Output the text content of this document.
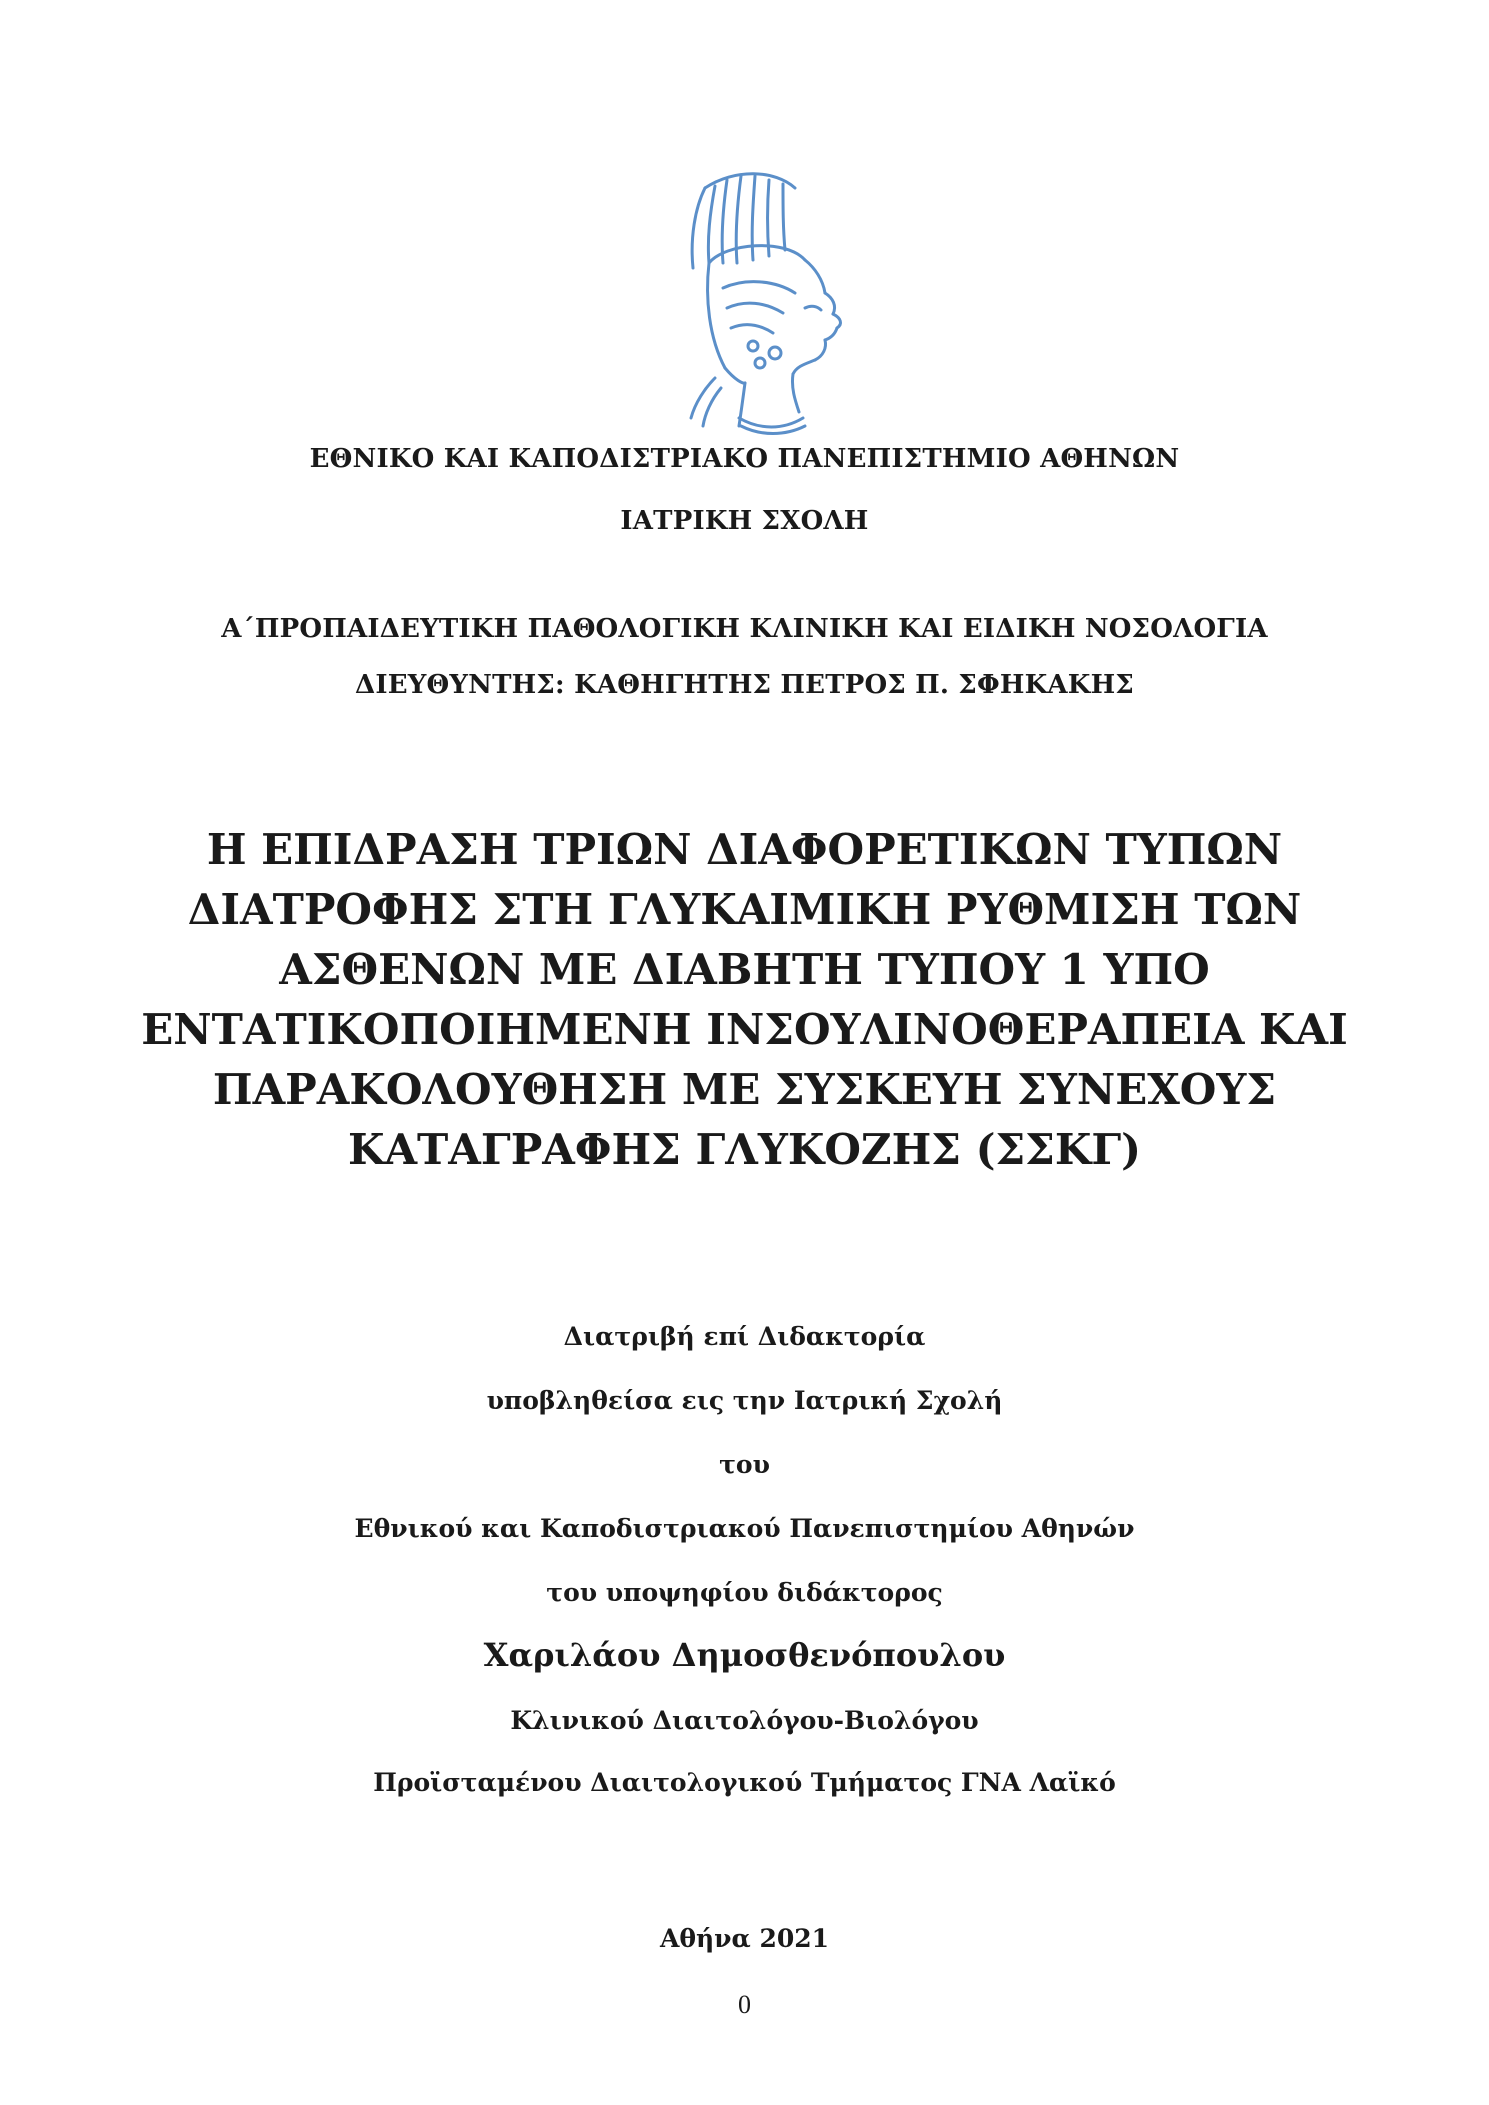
ΕΘΝΙΚΟ ΚΑΙ ΚΑΠΟΔΙΣΤΡΙΑΚΟ ΠΑΝΕΠΙΣΤΗΜΙΟ ΑΘΗΝΩΝ
ΙΑΤΡΙΚΗ ΣΧΟΛΗ
Α΄ΠΡΟΠΑΙΔΕΥΤΙΚΗ ΠΑΘΟΛΟΓΙΚΗ ΚΛΙΝΙΚΗ ΚΑΙ ΕΙΔΙΚΗ ΝΟΣΟΛΟΓΙΑ
ΔΙΕΥΘΥΝΤΗΣ: ΚΑΘΗΓΗΤΗΣ ΠΕΤΡΟΣ Π. ΣΦΗΚΑΚΗΣ
Η ΕΠΙΔΡΑΣΗ ΤΡΙΩΝ ΔΙΑΦΟΡΕΤΙΚΩΝ ΤΥΠΩΝ
ΔΙΑΤΡΟΦΗΣ ΣΤΗ ΓΛΥΚΑΙΜΙΚΗ ΡΥΘΜΙΣΗ ΤΩΝ
ΑΣΘΕΝΩΝ ΜΕ ΔΙΑΒΗΤΗ ΤΥΠΟΥ 1 ΥΠΟ
ΕΝΤΑΤΙΚΟΠΟΙΗΜΕΝΗ ΙΝΣΟΥΛΙΝΟΘΕΡΑΠΕΙΑ ΚΑΙ
ΠΑΡΑΚΟΛΟΥΘΗΣΗ ΜΕ ΣΥΣΚΕΥΗ ΣΥΝΕΧΟΥΣ
ΚΑΤΑΓΡΑΦΗΣ ΓΛΥΚΟΖΗΣ (ΣΣΚΓ)
Διατριβή επί Διδακτορία
υποβληθείσα εις την Ιατρική Σχολή
του
Εθνικού και Καποδιστριακού Πανεπιστημίου Αθηνών
του υποψηφίου διδάκτορος
Χαριλάου Δημοσθενόπουλου
Κλινικού Διαιτολόγου-Βιολόγου
Προϊσταμένου Διαιτολογικού Τμήματος ΓΝΑ Λαϊκό
Αθήνα 2021
0
